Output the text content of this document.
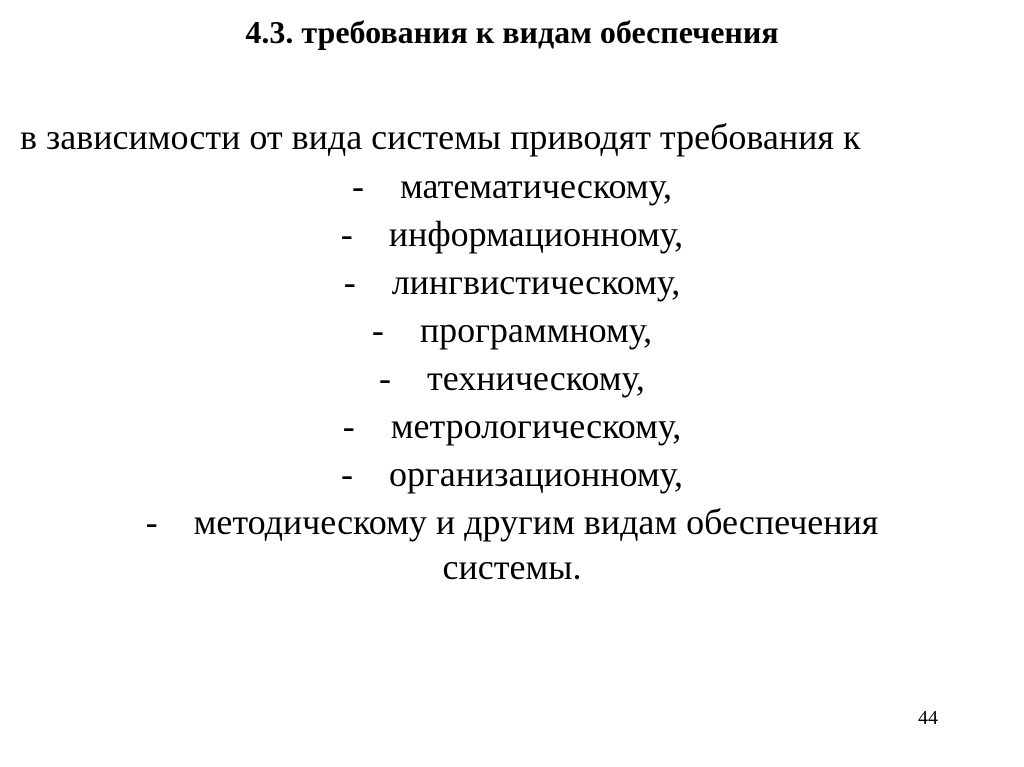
4.3. требования к видам обеспечения
в зависимости от вида системы приводят требования к
- математическому,
- информационному,
- лингвистическому,
- программному,
- техническому,
- метрологическому,
- организационному,
- методическому и другим видам обеспечения
системы.
44
